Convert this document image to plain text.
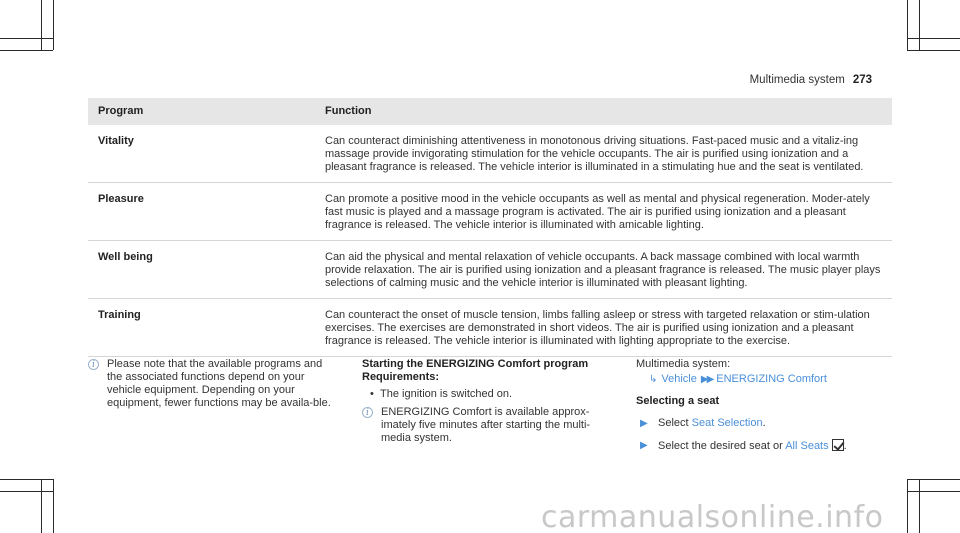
Multimedia system 273
Program	Function
Vitality	Can counteract diminishing attentiveness in monotonous driving situations. Fast-paced music and a vitaliz-ing massage provide invigorating stimulation for the vehicle occupants. The air is purified using ionization and a pleasant fragrance is released. The vehicle interior is illuminated in a stimulating hue and the seat is ventilated.
Pleasure	Can promote a positive mood in the vehicle occupants as well as mental and physical regeneration. Moder-ately fast music is played and a massage program is activated. The air is purified using ionization and a pleasant fragrance is released. The vehicle interior is illuminated with amicable lighting.
Well being	Can aid the physical and mental relaxation of vehicle occupants. A back massage combined with local warmth provide relaxation. The air is purified using ionization and a pleasant fragrance is released. The music player plays selections of calming music and the vehicle interior is illuminated with pleasant lighting.
Training	Can counteract the onset of muscle tension, limbs falling asleep or stress with targeted relaxation or stim-ulation exercises. The exercises are demonstrated in short videos. The air is purified using ionization and a pleasant fragrance is released. The vehicle interior is illuminated with lighting appropriate to the exercise.
i
Please note that the available programs and the associated functions depend on your vehicle equipment. Depending on your equipment, fewer functions may be availa-ble.
Starting the ENERGIZING Comfort program
Requirements:
• The ignition is switched on.
i
ENERGIZING Comfort is available approx-imately five minutes after starting the multi-media system.
Multimedia system:
↳ Vehicle ▶▶ ENERGIZING Comfort
Selecting a seat
▶ Select Seat Selection.
▶ Select the desired seat or All Seats .
carmanualsonline.info
